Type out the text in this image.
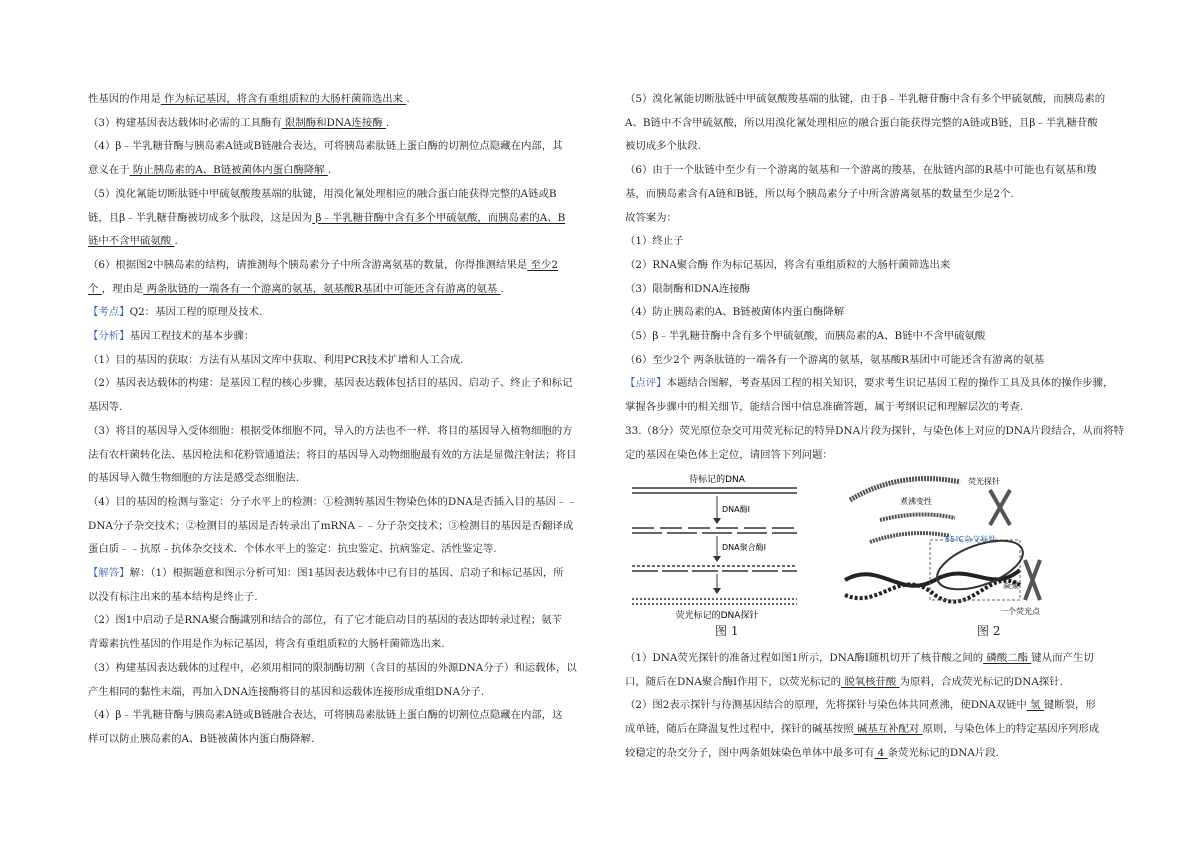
性基因的作用是 作为标记基因，将含有重组质粒的大肠杆菌筛选出来 .

（3）构建基因表达载体时必需的工具酶有 限制酶和DNA连接酶 .

（4）β﹣半乳糖苷酶与胰岛素A链或B链融合表达，可将胰岛素肽链上蛋白酶的切割位点隐藏在内部，其

意义在于 防止胰岛素的A、B链被菌体内蛋白酶降解 .

（5）溴化氰能切断肽链中甲硫氨酸羧基端的肽键，用溴化氰处理相应的融合蛋白能获得完整的A链或B

链，且β﹣半乳糖苷酶被切成多个肽段，这是因为 β﹣半乳糖苷酶中含有多个甲硫氨酸，而胰岛素的A、B

链中不含甲硫氨酸 .

（6）根据图2中胰岛素的结构，请推测每个胰岛素分子中所含游离氨基的数量，你得推测结果是 至少2

个 ，理由是 两条肽链的一端各有一个游离的氨基，氨基酸R基团中可能还含有游离的氨基 .

【考点】Q2：基因工程的原理及技术.

【分析】基因工程技术的基本步骤：

（1）目的基因的获取：方法有从基因文库中获取、利用PCR技术扩增和人工合成.

（2）基因表达载体的构建：是基因工程的核心步骤，基因表达载体包括目的基因、启动子、终止子和标记

基因等.

（3）将目的基因导入受体细胞：根据受体细胞不同，导入的方法也不一样．将目的基因导入植物细胞的方

法有农杆菌转化法、基因枪法和花粉管通道法；将目的基因导入动物细胞最有效的方法是显微注射法；将目

的基因导入微生物细胞的方法是感受态细胞法.

（4）目的基因的检测与鉴定：分子水平上的检测：①检测转基因生物染色体的DNA是否插入目的基因﹣﹣

DNA分子杂交技术；②检测目的基因是否转录出了mRNA﹣﹣分子杂交技术；③检测目的基因是否翻译成

蛋白质﹣﹣抗原﹣抗体杂交技术．个体水平上的鉴定：抗虫鉴定、抗病鉴定、活性鉴定等.

【解答】解：（1）根据题意和图示分析可知：图1基因表达载体中已有目的基因、启动子和标记基因，所

以没有标注出来的基本结构是终止子.

（2）图1中启动子是RNA聚合酶識别和结合的部位，有了它才能启动目的基因的表达即转录过程；氨苄

青霉素抗性基因的作用是作为标记基因，将含有重组质粒的大肠杆菌筛选出来.

（3）构建基因表达载体的过程中，必须用相同的限制酶切割（含目的基因的外源DNA分子）和运载体，以

产生相同的黏性末端，再加入DNA连接酶将目的基因和运载体连接形成重组DNA分子.

（4）β﹣半乳糖苷酶与胰岛素A链或B链融合表达，可将胰岛素肽链上蛋白酶的切割位点隐藏在内部，这

样可以防止胰岛素的A、B链被菌体内蛋白酶降解.

（5）溴化氰能切断肽链中甲硫氨酸羧基端的肽键，由于β﹣半乳糖苷酶中含有多个甲硫氨酸，而胰岛素的

A、B链中不含甲硫氨酸，所以用溴化氰处理相应的融合蛋白能获得完整的A链或B链，且β﹣半乳糖苷酸

被切成多个肽段.

（6）由于一个肽链中至少有一个游离的氨基和一个游离的羧基，在肽链内部的R基中可能也有氨基和羧

基，而胰岛素含有A链和B链，所以每个胰岛素分子中所含游离氨基的数量至少是2个.

故答案为：

（1）终止子

（2）RNA聚合酶 作为标记基因，将含有重组质粒的大肠杆菌筛选出来

（3）限制酶和DNA连接酶

（4）防止胰岛素的A、B链被菌体内蛋白酶降解

（5）β﹣半乳糖苷酶中含有多个甲硫氨酸，而胰岛素的A、B链中不含甲硫氨酸

（6）至少2个 两条肽链的一端各有一个游离的氨基，氨基酸R基团中可能还含有游离的氨基

【点评】本题结合图解，考查基因工程的相关知识，要求考生识记基因工程的操作工具及具体的操作步骤，

掌握各步骤中的相关细节，能结合图中信息准确答题，属于考纲识记和理解层次的考查.

33.（8分）荧光原位杂交可用荧光标记的特异DNA片段为探针，与染色体上对应的DNA片段结合，从而将特

定的基因在染色体上定位，请回答下列问题：

待标记的DNA
DNA酶Ⅰ
DNA聚合酶Ⅰ
荧光标记的DNA探针
图 1
荧光探针
煮沸变性
55℃杂交复性
凝聚
一个荧光点
图 2

（1）DNA荧光探针的准备过程如图1所示，DNA酶Ⅰ随机切开了核苷酸之间的 磷酸二酯 键从而产生切

口，随后在DNA聚合酶Ⅰ作用下，以荧光标记的 脱氧核苷酸 为原料，合成荧光标记的DNA探针.

（2）图2表示探针与待测基因结合的原理，先将探针与染色体共同煮沸，使DNA双链中 氢 键断裂，形

成单链，随后在降温复性过程中，探针的碱基按照 碱基互补配对 原则，与染色体上的特定基因序列形成

较稳定的杂交分子，图中两条姐妹染色单体中最多可有 4 条荧光标记的DNA片段.
